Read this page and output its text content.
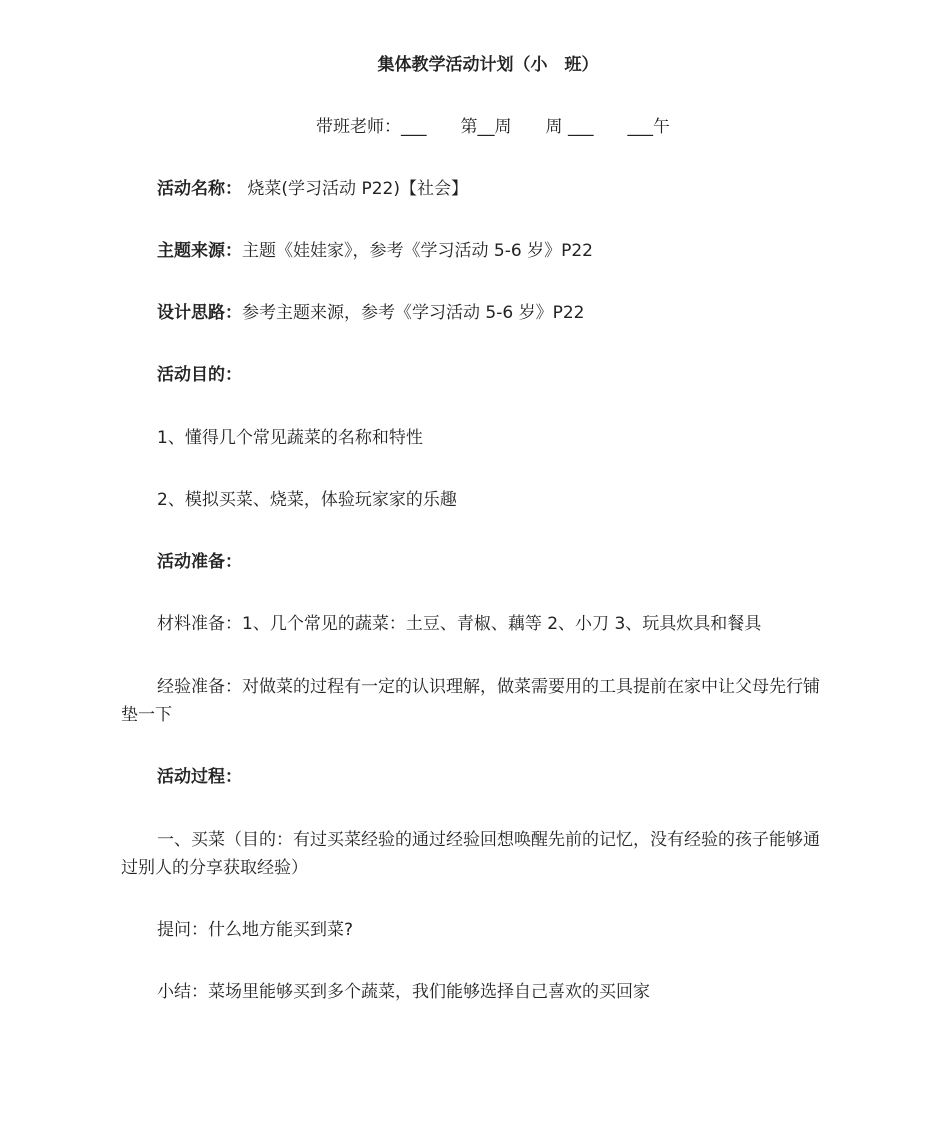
集体教学活动计划（小　班）
带班老师：___　　第__周　　周 ___　　___午
活动名称： 烧菜(学习活动 P22)【社会】
主题来源：主题《娃娃家》，参考《学习活动 5-6 岁》P22
设计思路：参考主题来源，参考《学习活动 5-6 岁》P22
活动目的：
1、懂得几个常见蔬菜的名称和特性
2、模拟买菜、烧菜，体验玩家家的乐趣
活动准备：
材料准备：1、几个常见的蔬菜：土豆、青椒、藕等 2、小刀 3、玩具炊具和餐具
经验准备：对做菜的过程有一定的认识理解，做菜需要用的工具提前在家中让父母先行铺垫一下
活动过程：
一、买菜（目的：有过买菜经验的通过经验回想唤醒先前的记忆，没有经验的孩子能够通过别人的分享获取经验）
提问：什么地方能买到菜?
小结：菜场里能够买到多个蔬菜，我们能够选择自己喜欢的买回家
